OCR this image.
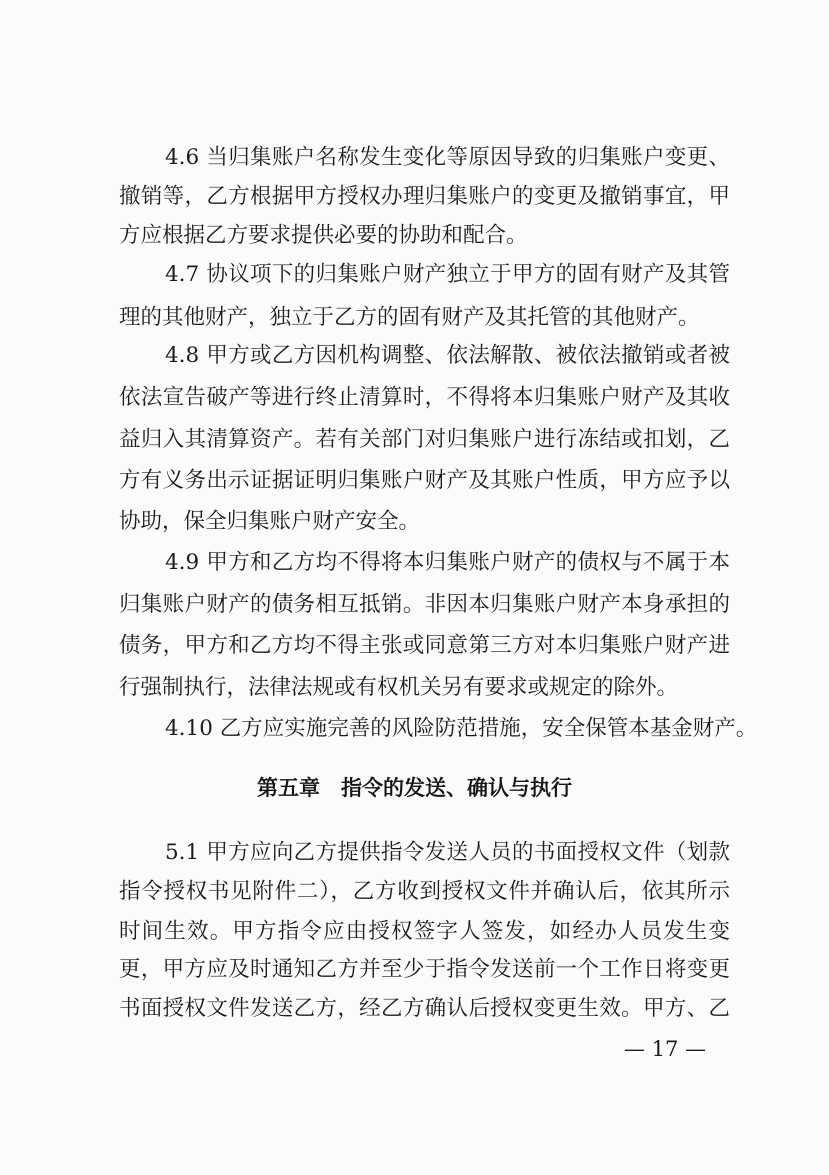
4.6 当归集账户名称发生变化等原因导致的归集账户变更、
撤销等，乙方根据甲方授权办理归集账户的变更及撤销事宜，甲
方应根据乙方要求提供必要的协助和配合。
4.7 协议项下的归集账户财产独立于甲方的固有财产及其管
理的其他财产，独立于乙方的固有财产及其托管的其他财产。
4.8 甲方或乙方因机构调整、依法解散、被依法撤销或者被
依法宣告破产等进行终止清算时，不得将本归集账户财产及其收
益归入其清算资产。若有关部门对归集账户进行冻结或扣划，乙
方有义务出示证据证明归集账户财产及其账户性质，甲方应予以
协助，保全归集账户财产安全。
4.9 甲方和乙方均不得将本归集账户财产的债权与不属于本
归集账户财产的债务相互抵销。非因本归集账户财产本身承担的
债务，甲方和乙方均不得主张或同意第三方对本归集账户财产进
行强制执行，法律法规或有权机关另有要求或规定的除外。
4.10 乙方应实施完善的风险防范措施，安全保管本基金财产。
第五章　指令的发送、确认与执行
5.1 甲方应向乙方提供指令发送人员的书面授权文件（划款
指令授权书见附件二），乙方收到授权文件并确认后，依其所示
时间生效。甲方指令应由授权签字人签发，如经办人员发生变
更，甲方应及时通知乙方并至少于指令发送前一个工作日将变更
书面授权文件发送乙方，经乙方确认后授权变更生效。甲方、乙
— 17 —
